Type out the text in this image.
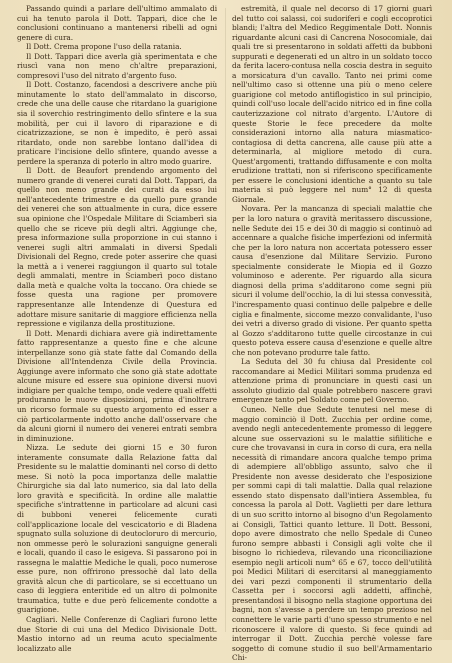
Passando quindi a parlare dell'ultimo ammalato di cui ha tenuto parola il Dott. Tappari, dice che le conclusioni continuano a mantenersi ribelli ad ogni genere di cura.

Il Dott. Crema propone l'uso della ratania.

Il Dott. Tappari dice averla già sperimentata e che riuscì vana non meno ch'altre preparazioni, compresovi l'uso del nitrato d'argento fuso.

Il Dott. Costanzo, facendosi a descrivere anche più minutamente lo stato dell'ammalato in discorso, crede che una delle cause che ritardano la guarigione sia il soverchio restringimento dello sfintere e la sua mobilità, per cui il lavoro di riparazione e di cicatrizzazione, se non è impedito, è però assai ritardato, onde non sarebbe lontano dall'idea di praticare l'incisione dello sfintere, quando avesse a perdere la speranza di poterlo in altro modo guarire.

Il Dott. de Beaufort prendendo argomento del numero grande di venerei curati dal Dott. Tappari, da quello non meno grande dei curati da esso lui nell'antecedente trimestre e da quello pure grande dei venerei che son attualmente in cura, dice essere sua opinione che l'Ospedale Militare di Sciamberì sia quello che se riceve più degli altri. Aggiunge che, presa informazione sulla proporzione in cui stanno i venerei sugli altri ammalati in diversi Spedali Divisionali del Regno, crede poter asserire che quasi la mettà a i venerei raggiungon il quarto sul totale degli ammalati, mentre in Sciamberì poco distano dalla metà e qualche volta la toccano. Ora chiede se fosse questa una ragione per promovere rappresentanze alle Intendenze di Questura ed adottare misure sanitarie di maggiore efficienza nella repressione e vigilanza della prostituzione.

Il Dott. Menardi dichiara avere già indirettamente fatto rappresentanze a questo fine e che alcune interpellanze sono già state fatte dal Comando della Divisione all'Intendenza Civile della Provincia. Aggiunge avere informato che sono già state adottate alcune misure ed essere sua opinione diversi nuovi indigiare per qualche tempo, onde vedere quali effetti produranno le nuove disposizioni, prima d'inoltrare un ricorso formale su questo argomento ed esser a ciò particolarmente indotto anche dall'osservare che da alcuni giorni il numero dei venerei entrati sembra in diminuzione.

Nizza. Le sedute dei giorni 15 e 30 furon interamente consumate dalla Relazione fatta dal Presidente su le malattie dominanti nel corso di detto mese. Si notò la poca importanza delle malattie Chirurgiche sia dal lato numerico, sia dal lato della loro gravità e specificità. In ordine alle malattie specifiche s'intrattenne in particolare ad alcuni casi di bubboni venerei felicemente curati coll'applicazione locale del vescicatorio e di Bladena spugnato sulla soluzione di deutocloruro di mercurio, non ommesse però le solurazioni sanguigne generali e locali, quando il caso le esigeva. Si passarono poi in rassegna le malattie Mediche le quali, poco numerose esse pure, non offrirono pressochè dal lato della gravità alcun che di particolare, se si eccettuano un caso di leggiera enteritide ed un altro di polmonite traumatica, tutte e due però felicemente condotte a guarigione.

Cagliari. Nelle Conferenze di Cagliari furono lette due Storie di cui una del Medico Divisionale Dott. Mastio intorno ad un reuma acuto specialmente localizzato alle

estremità, il quale nel decorso di 17 giorni guarì del tutto coi salassi, coi sudoriferi e cogli eccoprotici blandi; l'altra del Medico Reggimentale Dott. Nonnis riguardante alcuni casi di Cancrena Nosocomiale, dai quali tre si presentarono in soldati affetti da bubboni suppurati e degenerati ed un altro in un soldato tocco da ferita lacero-contusa nella coscia destra in seguito a morsicatura d'un cavallo. Tanto nei primi come nell'ultimo caso si ottenne una più o meno celere guarigione col metodo antiflogistico in sul principio, quindi coll'uso locale dell'acido nitrico ed in fine colla cauterizzazione col nitrato d'argento. L'Autore di queste Storie le fece precedere da molte considerazioni intorno alla natura miasmatico-contagiosa di detta cancrena, alle cause più atte a determinarla, al migliore metodo di cura. Quest'argomenti, trattando diffusamente e con molta erudizione trattati, non si riferiscono specificamente per essere le conclusioni identiche a quanto su tale materia si può leggere nel num° 12 di questa Giornale.

Novara. Per la mancanza di speciali malattie che per la loro natura o gravità meritassero discussione, nelle Sedute dei 15 e dei 30 di maggio si continuò ad accennare a qualche fisiche imperfezioni od infermità che per la loro natura non accertata potessero esser causa d'esenzione dal Militare Servizio. Furono specialmente considerate le Miopia ed il Gozzo voluminoso e aderente. Per riguardo alla sicura diagnosi della prima s'additarono come segni più sicuri il volume dell'occhio, la di lui stessa convessità, l'increspamento quasi continuo delle palpebre e delle ciglia e finalmente, siccome mezzo convalidante, l'uso dei vetri a diverso grado di visione. Per quanto spetta al Gozzo s'additarono tutte quelle circostanze in cui questo poteva essere causa d'esenzione e quelle altre che non potevano produrre tale fatto.

La Seduta del 30 fu chiusa dal Presidente col raccomandare ai Medici Militari somma prudenza ed attenzione prima di pronunciare in questi casi un assoluto giudizio dal quale potrebbero nascere gravi emergenze tanto pel Soldato come pel Governo.

Cuneo. Nelle due Sedute tenutesi nel mese di maggio cominciò il Dott. Zucchia per ordine come, avendo negli antecedentemente promesso di leggere alcune sue osservazioni su le malattie sifilitiche e cure che trovavansi in cura in corso di cura, era nella necessità di rimandare ancora qualche tempo prima di adempiere all'obbligo assunto, salvo che il Presidente non avesse desiderato che l'esposizione per sommi capi di tali malattie. Dalla qual relazione essendo stato dispensato dall'intiera Assemblea, fu concessa la parola al Dott. Vaglietti per dare lettura di un suo scritto intorno al bisogno d'un Regolamento ai Consigli, Tattici quanto letture. Il Dott. Bessoni, dopo avere dimostrato che nello Spedale di Cuneo furono sempre abbasti i Consigli agli volte che il bisogno lo richiedeva, rilevando una riconciliazione esempio negli articoli num° 65 e 67, tocco dell'utilità poi Medici Militari di esercitarsi al maneggiamento dei vari pezzi componenti il strumentario della Cassetta per i soccorsi agli addetti, affinchè, presentandosi il bisogno nella stagione opportuna dei bagni, non s'avesse a perdere un tempo prezioso nel connettere le varie parti d'uno spesso strumento e nel riconoscere il valore di questo. Si fece quindi ad interrogar il Dott. Zucchia perchè volesse fare soggetto di comune studio il suo bell'Armamentario Chi-
